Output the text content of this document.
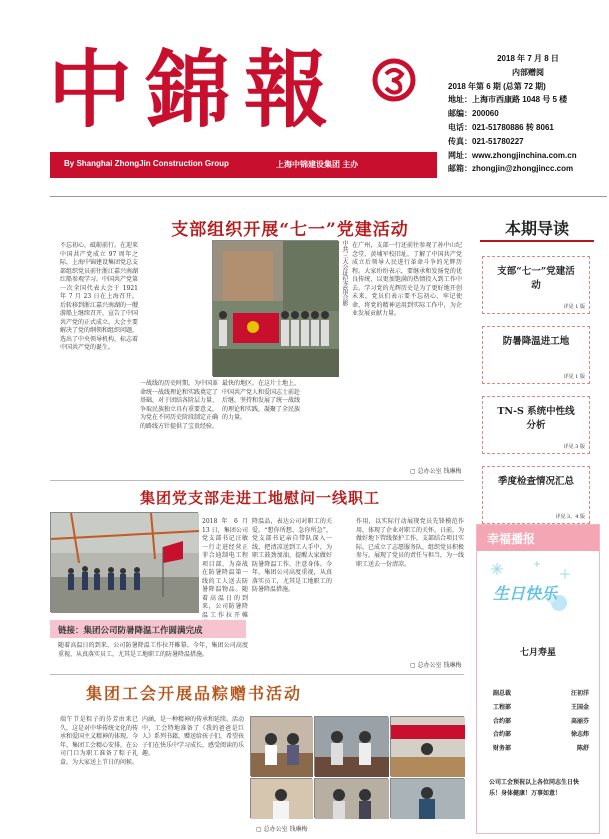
中錦報	2018 年 7 月 8 日
内部赠阅
2018 年第 6 期 (总第 72 期)
地址：上海市西康路 1048 号 5 楼
邮编：200060
电话：021-51780886 转 8061
传真：021-51780227
网址：www.zhongjinchina.com.cn
邮箱：zhongjin@zhongjincc.com
By Shanghai ZhongJin Construction Group	上海中锦建设集团 主办
支部组织开展“七一”党建活动
不忘初心，砥砺前行。在迎来中国共产党成立 97 周年之际，上海中锦建设集团党总支部组织党员前往浙江嘉兴南湖红船参观学习。中国共产党第一次全国代表大会于 1921 年 7 月 23 日在上海召开，后转移到浙江嘉兴南湖的一艘游船上继续召开，宣告了中国共产党的正式成立。大会主要解决了党的纲领和组织问题，选出了中央领导机构，标志着中国共产党的诞生。
中共三大会址纪念馆合影
一战线的历史时期，为中国革命统一战线理论和实践奠定了基础，对于团结各阶层力量、争取民族独立具有重要意义，为党在不同历史阶段制定正确的路线方针提供了宝贵经验。
最快的地区。在这片土地上，中国共产党人和爱国志士前赴后继，坚持和发展了统一战线的理论和实践，凝聚了全民族的力量。
在广州，支部一行还前往参观了孙中山纪念堂、黄埔军校旧址，了解了中国共产党成立后领导人民进行革命斗争的光辉历程。大家纷纷表示，要继承和发扬党的优良传统，以更加饱满的热情投入到工作中去。学习党的光辉历史是为了更好地开创未来，党员们表示要不忘初心、牢记使命，将党的精神运用到实际工作中，为企业发展贡献力量。
▢ 总办公室 钱琳梅
本期导读
支部“七一”党建活动
详见 1 版
防暑降温进工地
详见 1 版
TN-S 系统中性线分析
详见 3 版
季度检查情况汇总
详见 3、4 版
幸福播报
生日快乐
七月寿星
副总裁	汪初洋
工程部	王国金
合约部	高丽芬
合约部	徐志炜
财务部	陈舒
公司工会预祝以上各位同志生日快乐！身体健康！万事如意！
集团党支部走进工地慰问一线职工
2018 年 6 月 13 日，集团公司党支部书记汪敏一行走进经营正菲合迪制电工程项目部，为奋战在防暑降温第一线的工人送去防暑降温物品。随着高温日的到来，公司防暑降温工作拉开帷
降温品，表达公司对职工的关爱。“想你所想，急你所急”，党支部书记亲自带队深入一线，把清凉送到工人手中，为职工鼓劲加油，提醒大家做好防暑降温工作，注意身体。今年，集团公司高度重视，从真落实员工，尤其是工地职工的防暑降温措施。
作用，以实际行动展现党员先锋模范作用，体现了企业对职工的关怀。日前，为做好地下管线保护工作，支部结合项目实际，已成立了志愿服务队，组织党员积极参与，展现了党员的责任与担当，为一线职工送去一份清凉。
链接：集团公司防暑降温工作圆满完成
随着高温日的到来，公司防暑降温工作拉开帷幕。今年，集团公司高度重视，从真落实员工，尤其是工地职工的防暑降温措施。
▢ 总办公室 钱琳梅
集团工会开展品粽赠书活动
端午节是粽子的芬芳由来已久，这是对中华传统文化的传承和爱国主义精神的体现。今年，集团工会精心安排，在公司门口为职工准备了粽子礼盒，为大家送上节日的问候。
内涵，是一种精神的传承和延续。活动中，工会特地准备了《我的爸爸是巨人》系列书籍，赠送给孩子们，希望孩子们在快乐中学习成长，感受阅读的乐趣。
▢ 总办公室 钱琳梅
